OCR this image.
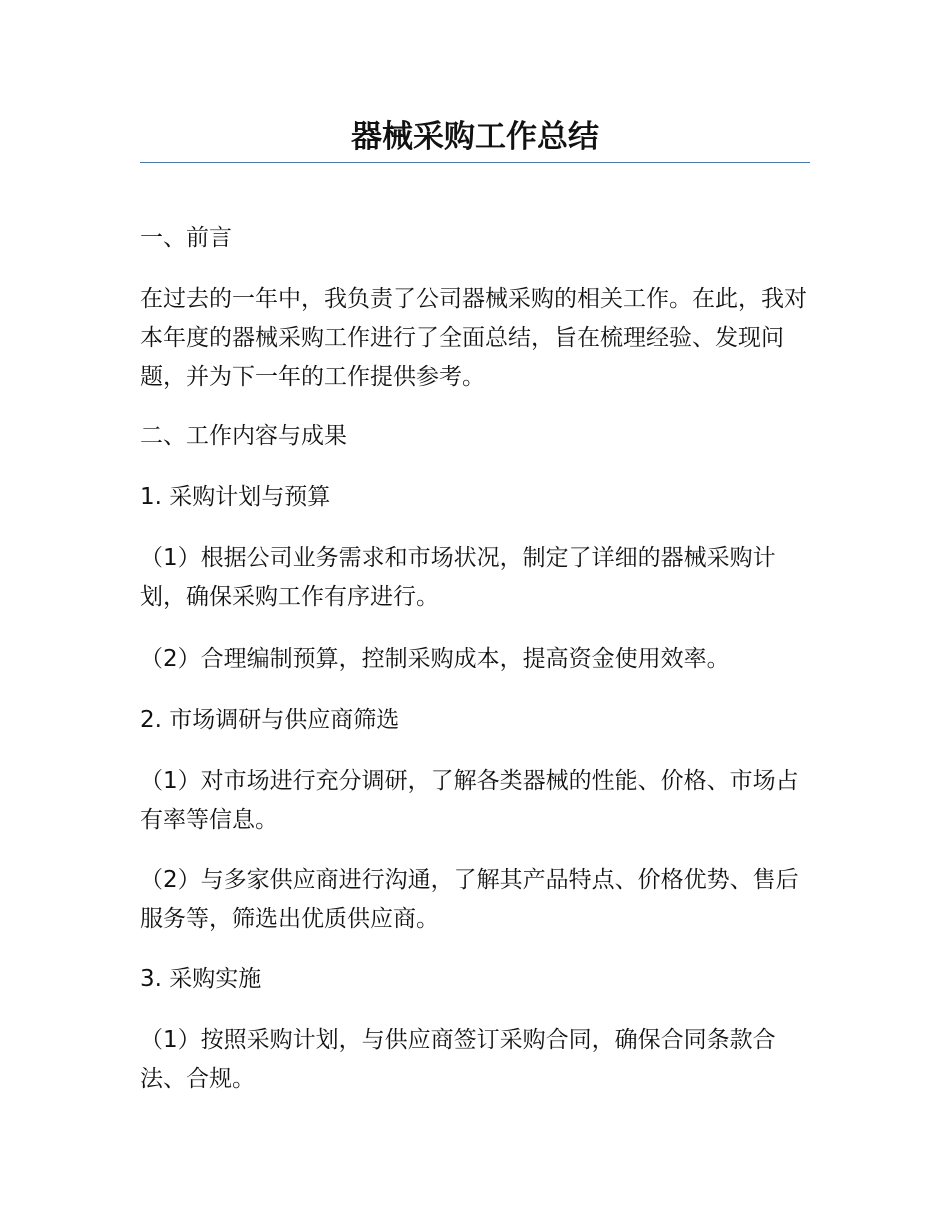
器械采购工作总结

一、前言

在过去的一年中，我负责了公司器械采购的相关工作。在此，我对本年度的器械采购工作进行了全面总结，旨在梳理经验、发现问题，并为下一年的工作提供参考。

二、工作内容与成果

1. 采购计划与预算

（1）根据公司业务需求和市场状况，制定了详细的器械采购计划，确保采购工作有序进行。

（2）合理编制预算，控制采购成本，提高资金使用效率。

2. 市场调研与供应商筛选

（1）对市场进行充分调研，了解各类器械的性能、价格、市场占有率等信息。

（2）与多家供应商进行沟通，了解其产品特点、价格优势、售后服务等，筛选出优质供应商。

3. 采购实施

（1）按照采购计划，与供应商签订采购合同，确保合同条款合法、合规。
